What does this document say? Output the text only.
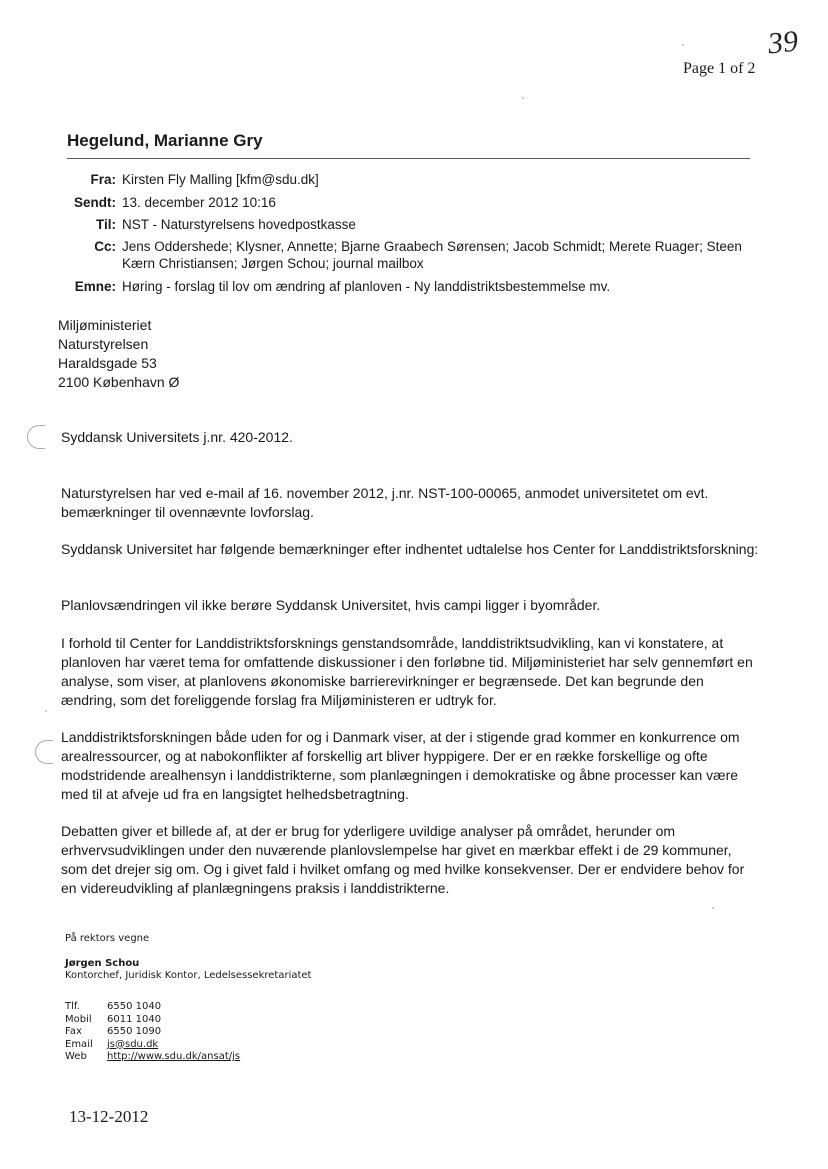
Page 1 of 2
39
Hegelund, Marianne Gry
Fra: Kirsten Fly Malling [kfm@sdu.dk]
Sendt: 13. december 2012 10:16
Til: NST - Naturstyrelsens hovedpostkasse
Cc: Jens Oddershede; Klysner, Annette; Bjarne Graabech Sørensen; Jacob Schmidt; Merete Ruager; Steen Kærn Christiansen; Jørgen Schou; journal mailbox
Emne: Høring - forslag til lov om ændring af planloven - Ny landdistriktsbestemmelse mv.
Miljøministeriet
Naturstyrelsen
Haraldsgade 53
2100 København Ø
Syddansk Universitets j.nr. 420-2012.
Naturstyrelsen har ved e-mail af 16. november 2012, j.nr. NST-100-00065, anmodet universitetet om evt. bemærkninger til ovennævnte lovforslag.
Syddansk Universitet har følgende bemærkninger efter indhentet udtalelse hos Center for Landdistriktsforskning:
Planlovsændringen vil ikke berøre Syddansk Universitet, hvis campi ligger i byområder.
I forhold til Center for Landdistriktsforsknings genstandsområde, landdistriktsudvikling, kan vi konstatere, at planloven har været tema for omfattende diskussioner i den forløbne tid. Miljøministeriet har selv gennemført en analyse, som viser, at planlovens økonomiske barrierevirkninger er begrænsede. Det kan begrunde den ændring, som det foreliggende forslag fra Miljøministeren er udtryk for.
Landdistriktsforskningen både uden for og i Danmark viser, at der i stigende grad kommer en konkurrence om arealressourcer, og at nabokonflikter af forskellig art bliver hyppigere. Der er en række forskellige og ofte modstridende arealhensyn i landdistrikterne, som planlægningen i demokratiske og åbne processer kan være med til at afveje ud fra en langsigtet helhedsbetragtning.
Debatten giver et billede af, at der er brug for yderligere uvildige analyser på området, herunder om erhvervsudviklingen under den nuværende planlovslempelse har givet en mærkbar effekt i de 29 kommuner, som det drejer sig om. Og i givet fald i hvilket omfang og med hvilke konsekvenser. Der er endvidere behov for en videreudvikling af planlægningens praksis i landdistrikterne.
På rektors vegne
Jørgen Schou
Kontorchef, Juridisk Kontor, Ledelsessekretariatet
Tlf.	6550 1040
Mobil	6011 1040
Fax	6550 1090
Email	js@sdu.dk
Web	http://www.sdu.dk/ansat/js
13-12-2012
